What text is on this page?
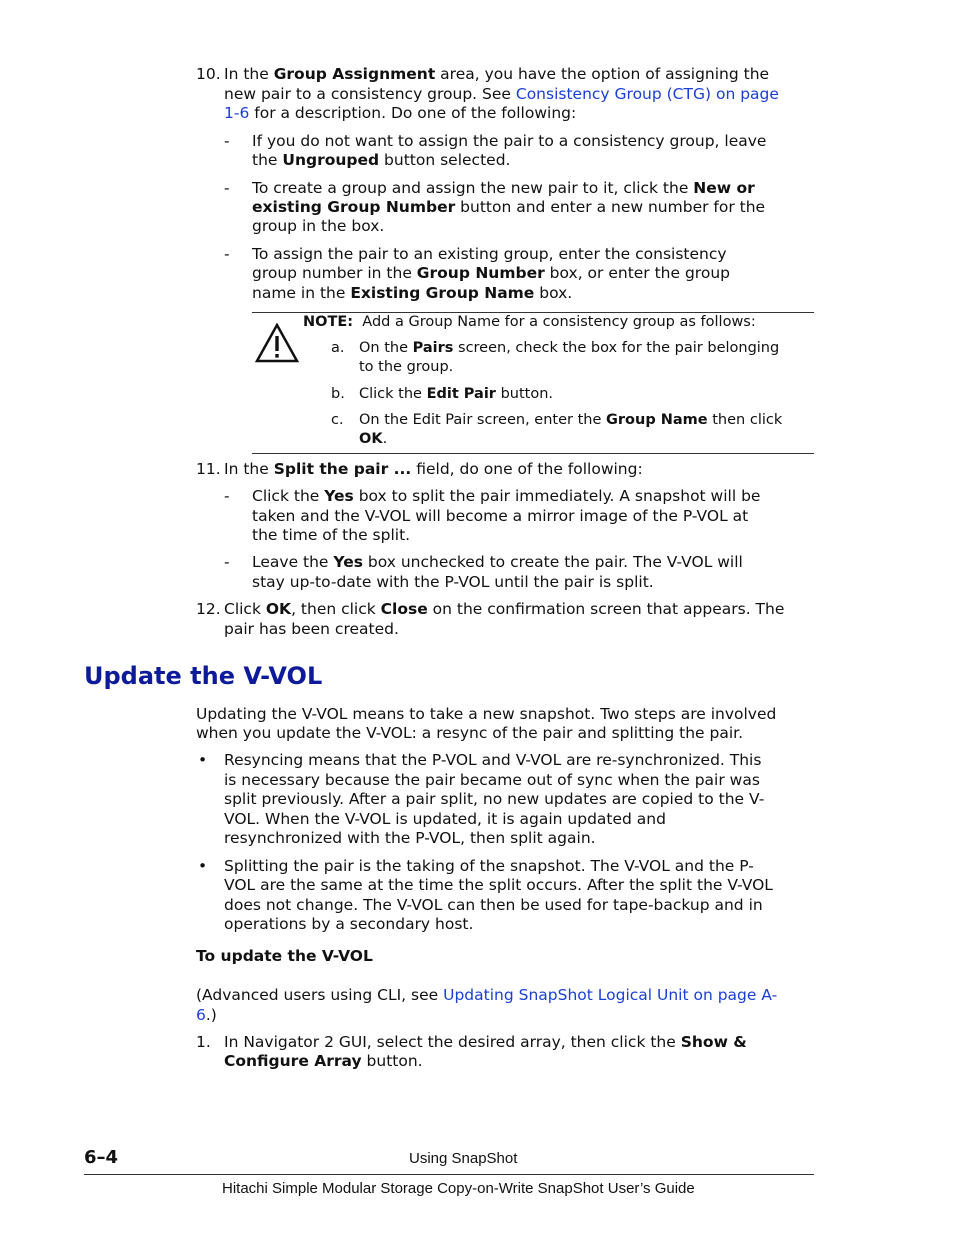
10. In the Group Assignment area, you have the option of assigning the
new pair to a consistency group. See Consistency Group (CTG) on page
1-6 for a description. Do one of the following:
- If you do not want to assign the pair to a consistency group, leave
the Ungrouped button selected.
- To create a group and assign the new pair to it, click the New or
existing Group Number button and enter a new number for the
group in the box.
- To assign the pair to an existing group, enter the consistency
group number in the Group Number box, or enter the group
name in the Existing Group Name box.
NOTE: Add a Group Name for a consistency group as follows:
a. On the Pairs screen, check the box for the pair belonging
to the group.
b. Click the Edit Pair button.
c. On the Edit Pair screen, enter the Group Name then click
OK.
11. In the Split the pair ... field, do one of the following:
- Click the Yes box to split the pair immediately. A snapshot will be
taken and the V-VOL will become a mirror image of the P-VOL at
the time of the split.
- Leave the Yes box unchecked to create the pair. The V-VOL will
stay up-to-date with the P-VOL until the pair is split.
12. Click OK, then click Close on the confirmation screen that appears. The
pair has been created.
Update the V-VOL
Updating the V-VOL means to take a new snapshot. Two steps are involved
when you update the V-VOL: a resync of the pair and splitting the pair.
• Resyncing means that the P-VOL and V-VOL are re-synchronized. This
is necessary because the pair became out of sync when the pair was
split previously. After a pair split, no new updates are copied to the V-
VOL. When the V-VOL is updated, it is again updated and
resynchronized with the P-VOL, then split again.
• Splitting the pair is the taking of the snapshot. The V-VOL and the P-
VOL are the same at the time the split occurs. After the split the V-VOL
does not change. The V-VOL can then be used for tape-backup and in
operations by a secondary host.
To update the V-VOL
(Advanced users using CLI, see Updating SnapShot Logical Unit on page A-
6.)
1. In Navigator 2 GUI, select the desired array, then click the Show &
Configure Array button.
6–4	Using SnapShot
Hitachi Simple Modular Storage Copy-on-Write SnapShot User’s Guide
